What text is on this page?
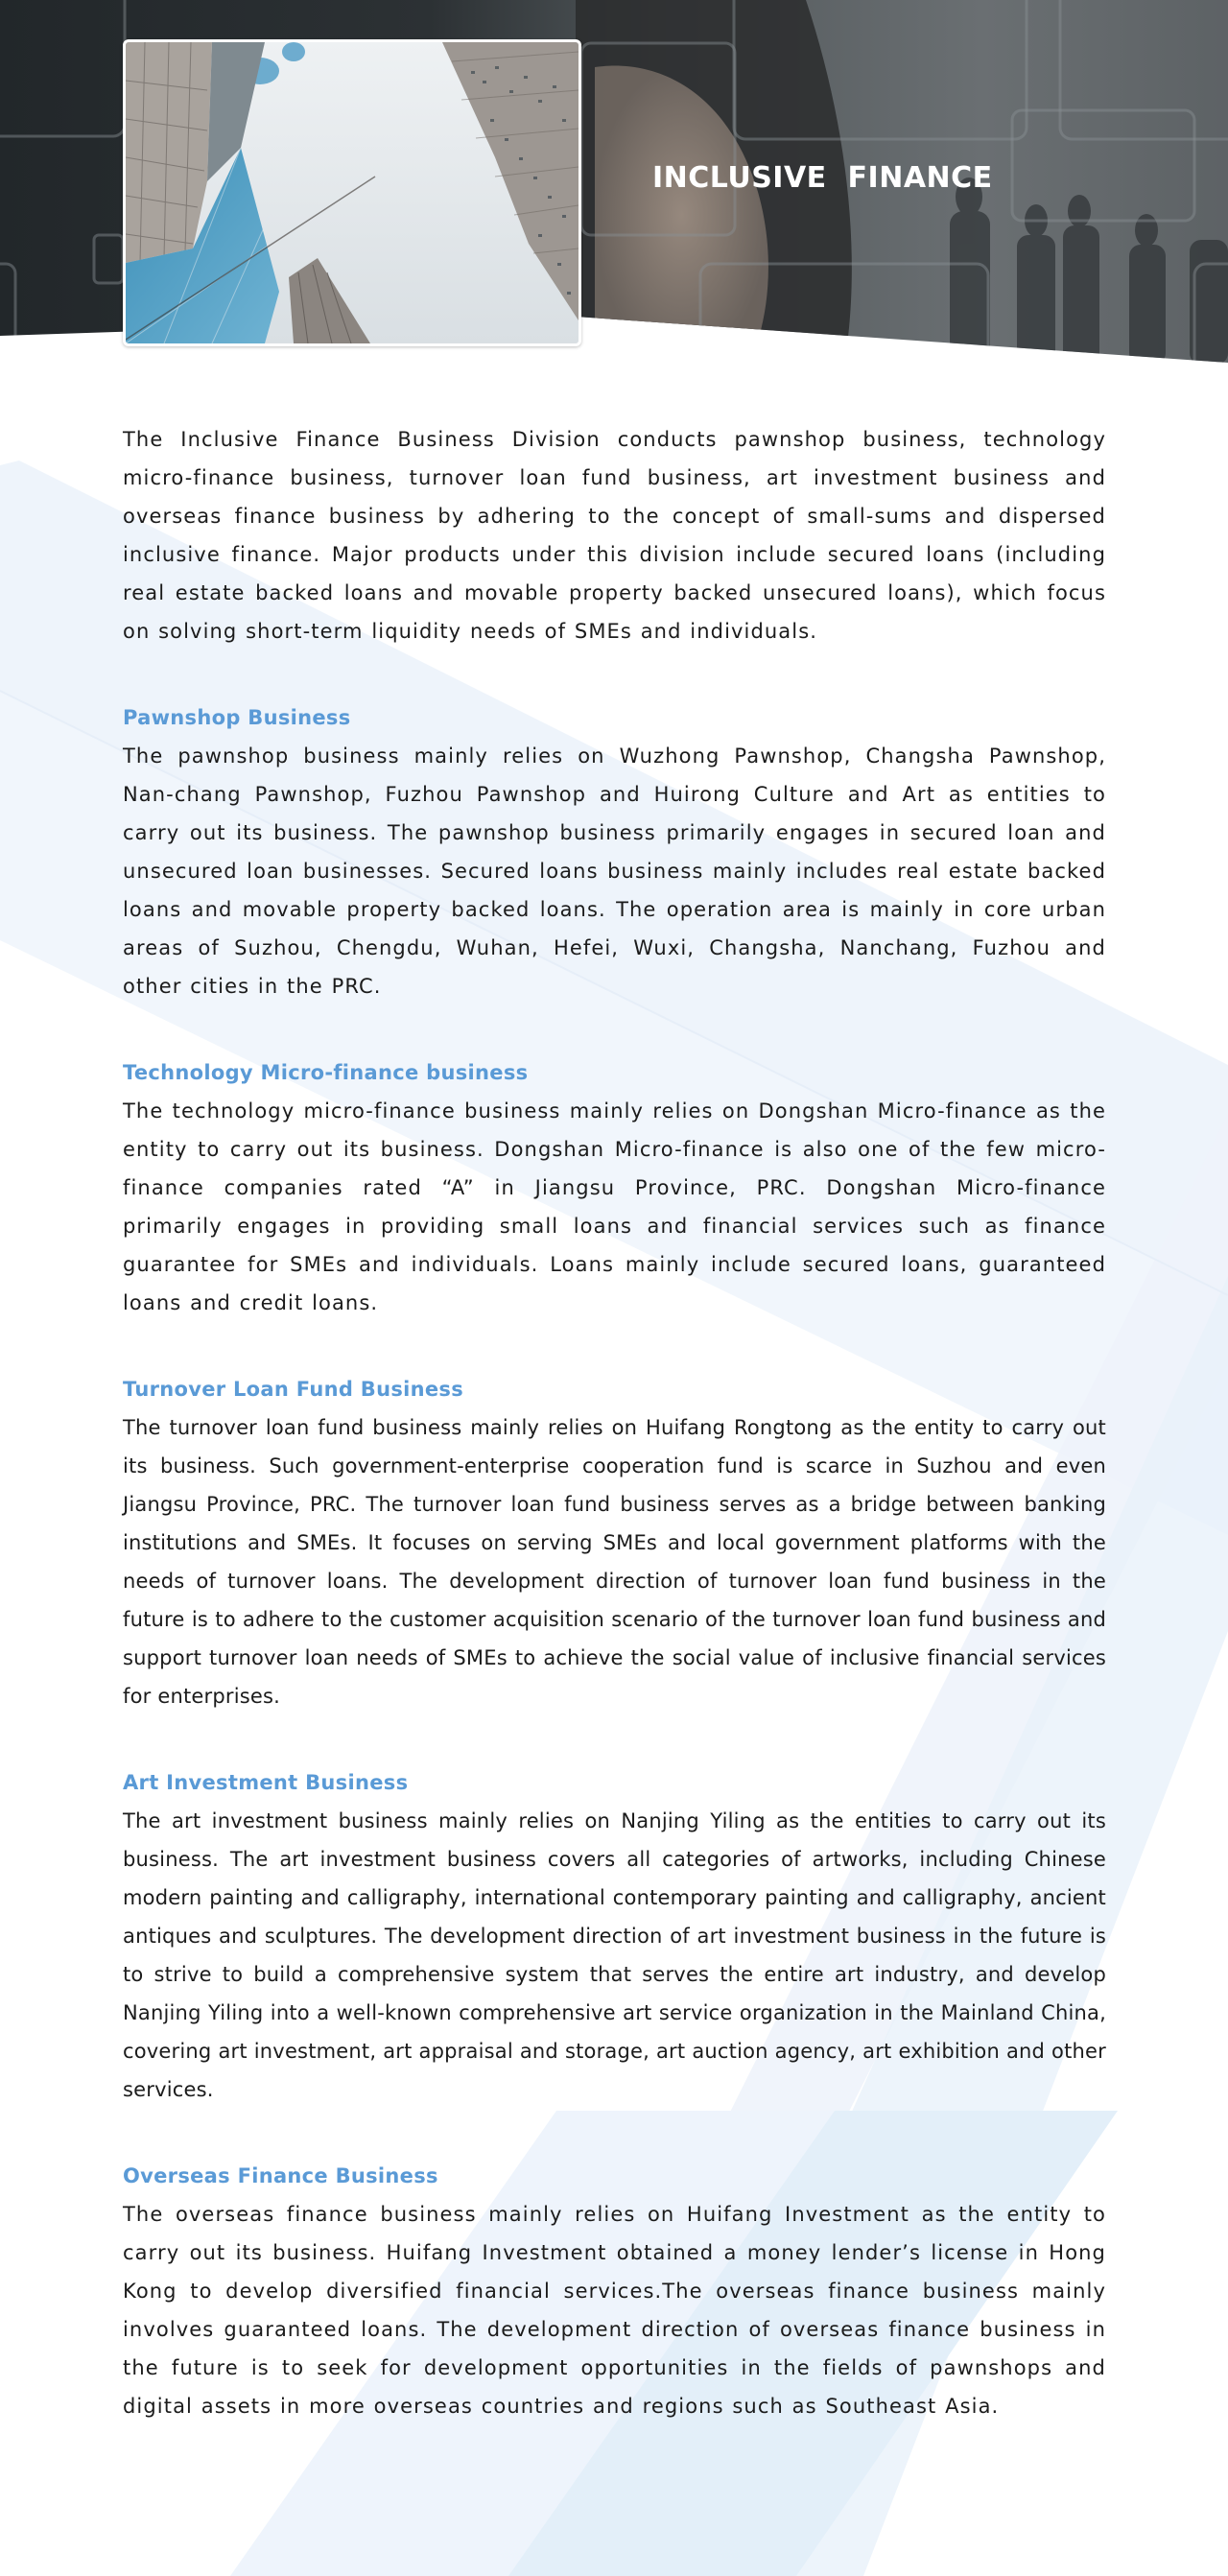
INCLUSIVE  FINANCE

The Inclusive Finance Business Division conducts pawnshop business, technology micro-finance business, turnover loan fund business, art investment business and overseas finance business by adhering to the concept of small-sums and dispersed inclusive finance. Major products under this division include secured loans (including real estate backed loans and movable property backed unsecured loans), which focus on solving short-term liquidity needs of SMEs and individuals.

Pawnshop Business

The pawnshop business mainly relies on Wuzhong Pawnshop, Changsha Pawnshop, Nan-chang Pawnshop, Fuzhou Pawnshop and Huirong Culture and Art as entities to carry out its business. The pawnshop business primarily engages in secured loan and unsecured loan businesses. Secured loans business mainly includes real estate backed loans and movable property backed loans. The operation area is mainly in core urban areas of Suzhou, Chengdu, Wuhan, Hefei, Wuxi, Changsha, Nanchang, Fuzhou and other cities in the PRC.

Technology Micro-finance business

The technology micro-finance business mainly relies on Dongshan Micro-finance as the entity to carry out its business. Dongshan Micro-finance is also one of the few micro-finance companies rated “A” in Jiangsu Province, PRC. Dongshan Micro-finance primarily engages in providing small loans and financial services such as finance guarantee for SMEs and individuals. Loans mainly include secured loans, guaranteed loans and credit loans.

Turnover Loan Fund Business

The turnover loan fund business mainly relies on Huifang Rongtong as the entity to carry out its business. Such government-enterprise cooperation fund is scarce in Suzhou and even Jiangsu Province, PRC. The turnover loan fund business serves as a bridge between banking institutions and SMEs. It focuses on serving SMEs and local government platforms with the needs of turnover loans. The development direction of turnover loan fund business in the future is to adhere to the customer acquisition scenario of the turnover loan fund business and support turnover loan needs of SMEs to achieve the social value of inclusive financial services for enterprises.

Art Investment Business

The art investment business mainly relies on Nanjing Yiling as the entities to carry out its business. The art investment business covers all categories of artworks, including Chinese modern painting and calligraphy, international contemporary painting and calligraphy, ancient antiques and sculptures. The development direction of art investment business in the future is to strive to build a comprehensive system that serves the entire art industry, and develop Nanjing Yiling into a well-known comprehensive art service organization in the Mainland China, covering art investment, art appraisal and storage, art auction agency, art exhibition and other services.

Overseas Finance Business

The overseas finance business mainly relies on Huifang Investment as the entity to carry out its business. Huifang Investment obtained a money lender’s license in Hong Kong to develop diversified financial services.The overseas finance business mainly involves guaranteed loans. The development direction of overseas finance business in the future is to seek for development opportunities in the fields of pawnshops and digital assets in more overseas countries and regions such as Southeast Asia.
